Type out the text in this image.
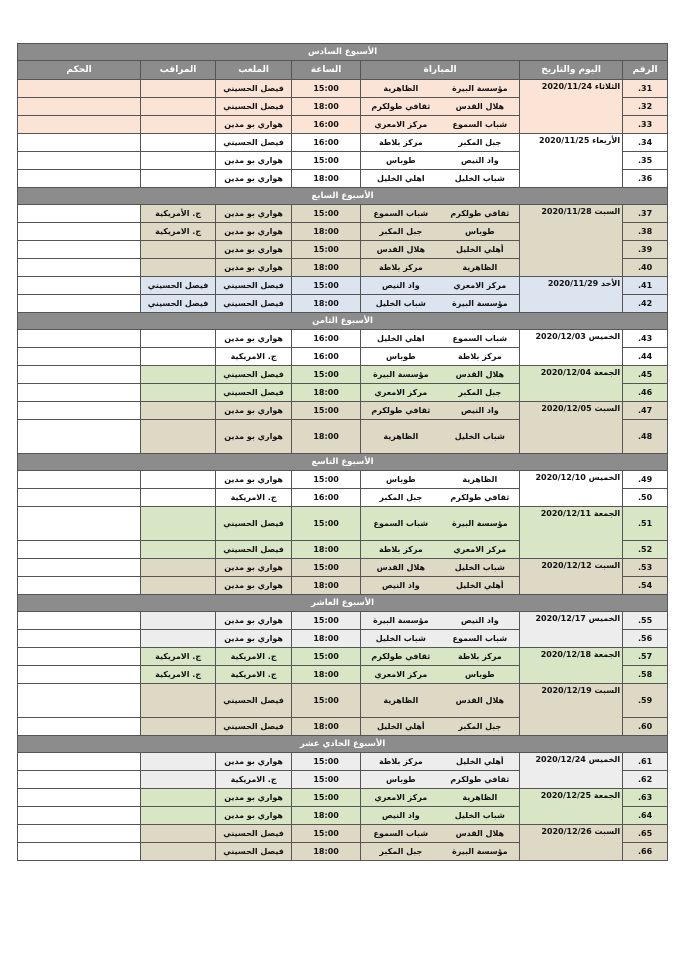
الأسبوع السادس							
الرقم	اليوم والتاريخ	المباراة		الساعة	الملعب	المراقب	الحكم
31.	الثلاثاء 2020/11/24	مؤسسة البيرة	الظاهرية	15:00	فيصل الحسيني		
32.		هلال القدس	ثقافي طولكرم	18:00	فيصل الحسيني		
33.		شباب السموع	مركز الامعري	16:00	هواري بو مدين		
34.	الأربعاء 2020/11/25	جبل المكبر	مركز بلاطة	16:00	فيصل الحسيني		
35.		واد النيص	طوباس	15:00	هواري بو مدين		
36.		شباب الخليل	اهلي الخليل	18:00	هواري بو مدين		
الأسبوع السابع							
37.	السبت 2020/11/28	ثقافي طولكرم	شباب السموع	15:00	هواري بو مدين	ج. الأمريكية	
38.		طوباس	جبل المكبر	18:00	هواري بو مدين	ج. الامريكية	
39.		أهلي الخليل	هلال القدس	15:00	هواري بو مدين		
40.		الظاهرية	مركز بلاطة	18:00	هواري بو مدين		
41.	الأحد 2020/11/29	مركز الامعري	واد النيص	15:00	فيصل الحسيني	فيصل الحسيني	
42.		مؤسسة البيرة	شباب الخليل	18:00	فيصل الحسيني	فيصل الحسيني	
الأسبوع الثامن							
43.	الخميس 2020/12/03	شباب السموع	اهلي الخليل	16:00	هواري بو مدين		
44.		مركز بلاطة	طوباس	16:00	ج. الامريكية		
45.	الجمعة 2020/12/04	هلال القدس	مؤسسة البيرة	15:00	فيصل الحسيني		
46.		جبل المكبر	مركز الامعري	18:00	فيصل الحسيني		
47.	السبت 2020/12/05	واد النيص	ثقافي طولكرم	15:00	هواري بو مدين		
48.		شباب الخليل	الظاهرية	18:00	هواري بو مدين		
الأسبوع التاسع							
49.	الخميس 2020/12/10	الظاهرية	طوباس	15:00	هواري بو مدين		
50.		ثقافي طولكرم	جبل المكبر	16:00	ج. الامريكية		
51.	الجمعة 2020/12/11	مؤسسة البيرة	شباب السموع	15:00	فيصل الحسيني		
52.		مركز الامعري	مركز بلاطة	18:00	فيصل الحسيني		
53.	السبت 2020/12/12	شباب الخليل	هلال القدس	15:00	هواري بو مدين		
54.		أهلي الخليل	واد النيص	18:00	هواري بو مدين		
الأسبوع العاشر							
55.	الخميس 2020/12/17	واد النيص	مؤسسة البيرة	15:00	هواري بو مدين		
56.		شباب السموع	شباب الخليل	18:00	هواري بو مدين		
57.	الجمعة 2020/12/18	مركز بلاطة	ثقافي طولكرم	15:00	ج. الامريكية	ج. الامريكية	
58.		طوباس	مركز الامعري	18:00	ج. الامريكية	ج. الامريكية	
59.	السبت 2020/12/19	هلال القدس	الظاهرية	15:00	فيصل الحسيني		
60.		جبل المكبر	أهلي الخليل	18:00	فيصل الحسيني		
الأسبوع الحادي عشر							
61.	الخميس 2020/12/24	أهلي الخليل	مركز بلاطة	15:00	هواري بو مدين		
62.		ثقافي طولكرم	طوباس	15:00	ج. الامريكية		
63.	الجمعة 2020/12/25	الظاهرية	مركز الامعري	15:00	هواري بو مدين		
64.		شباب الخليل	واد النيص	18:00	هواري بو مدين		
65.	السبت 2020/12/26	هلال القدس	شباب السموع	15:00	فيصل الحسيني		
66.		مؤسسة البيرة	جبل المكبر	18:00	فيصل الحسيني		
